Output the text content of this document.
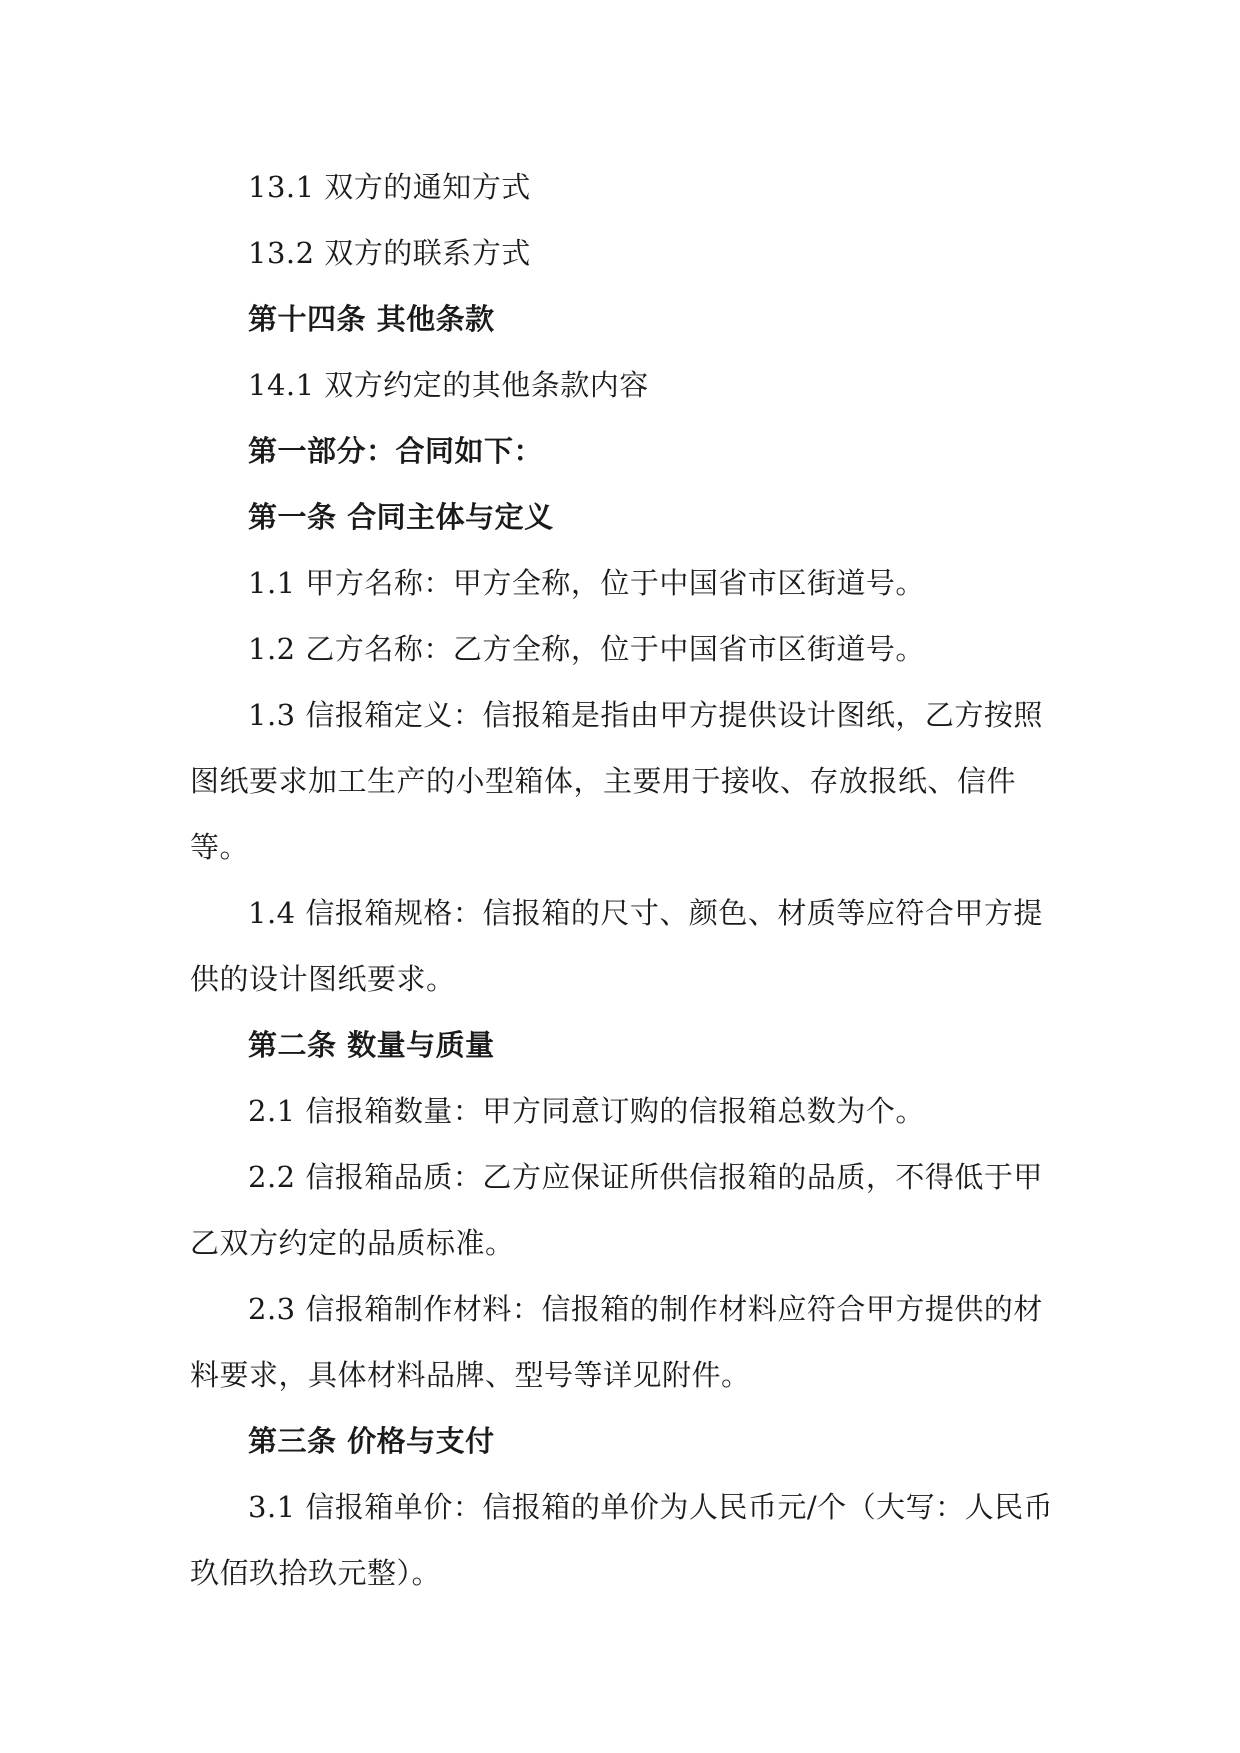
13.1 双方的通知方式

13.2 双方的联系方式

第十四条 其他条款

14.1 双方约定的其他条款内容

第一部分：合同如下：

第一条 合同主体与定义

1.1 甲方名称：甲方全称，位于中国省市区街道号。

1.2 乙方名称：乙方全称，位于中国省市区街道号。

1.3 信报箱定义：信报箱是指由甲方提供设计图纸，乙方按照图纸要求加工生产的小型箱体，主要用于接收、存放报纸、信件等。

1.4 信报箱规格：信报箱的尺寸、颜色、材质等应符合甲方提供的设计图纸要求。

第二条 数量与质量

2.1 信报箱数量：甲方同意订购的信报箱总数为个。

2.2 信报箱品质：乙方应保证所供信报箱的品质，不得低于甲乙双方约定的品质标准。

2.3 信报箱制作材料：信报箱的制作材料应符合甲方提供的材料要求，具体材料品牌、型号等详见附件。

第三条 价格与支付

3.1 信报箱单价：信报箱的单价为人民币元/个（大写：人民币玖佰玖拾玖元整）。
